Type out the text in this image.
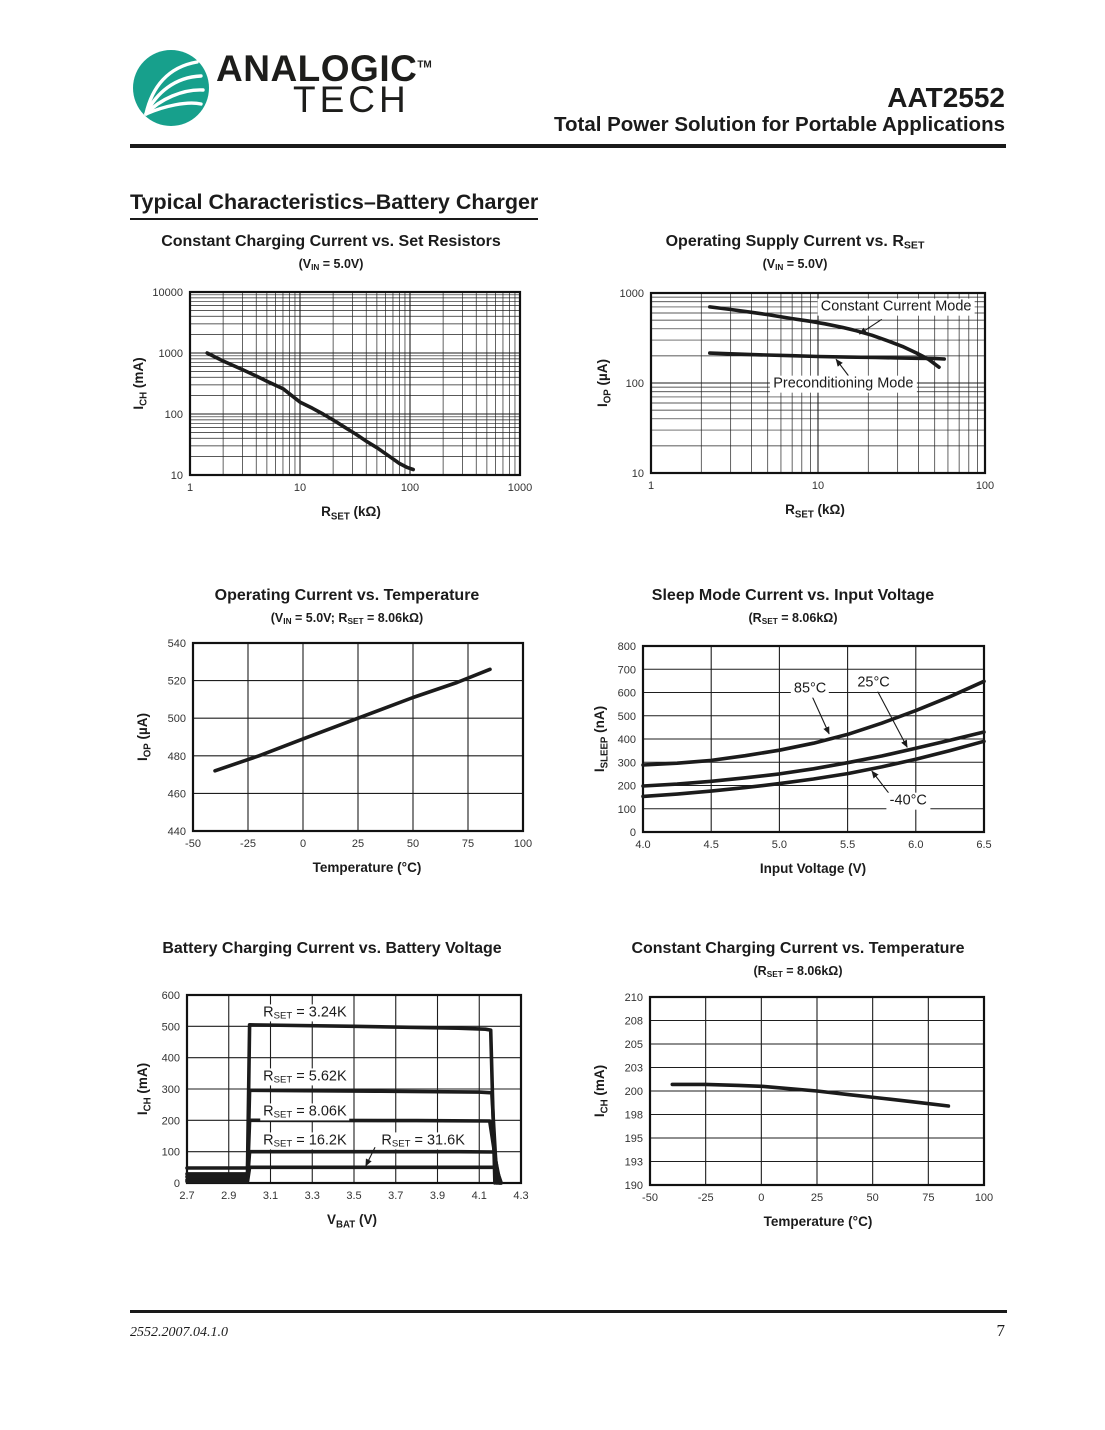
ANALOGIC™
TECH	AAT2552
Total Power Solution for Portable Applications
Typical Characteristics–Battery Charger
1	10	100	1000
10
100
1000
10000
$R_{SET}$ (kΩ)
$I_{CH}$ (mA)
1	10	100
10
100
1000
$R_{SET}$ (kΩ)
$I_{OP}$ (µA)
-50	-25	0	25	50	75	100
440
460
480
500
520
540
Temperature (°C)
$I_{OP}$ (µA)
4.0	4.5	5.0	5.5	6.0	6.5
0
100
200
300
400
500
600
700
800
Input Voltage (V)
$I_{SLEEP}$ (nA)
2.7 2.9 3.1 3.3 3.5 3.7 3.9 4.1 4.3
0
100
200
300
400
500
600
$V_{BAT}$ (V)
$I_{CH}$ (mA)
-50	-25	0	25	50	75	100
210
208
205
203
200
198
195
193
190
Temperature (°C)
$I_{CH}$ (mA)
Constant Charging Current vs. Set Resistors
(VIN = 5.0V)
Operating Supply Current vs. RSET
(VIN = 5.0V)
Constant Current Mode
Preconditioning Mode
Operating Current vs. Temperature
(VIN = 5.0V; RSET = 8.06kΩ)
Sleep Mode Current vs. Input Voltage
(RSET = 8.06kΩ)
85°C 25°C
-40°C
Battery Charging Current vs. Battery Voltage
RSET = 3.24K
RSET = 5.62K
RSET = 8.06K
RSET = 16.2K RSET = 31.6K
Constant Charging Current vs. Temperature
(RSET = 8.06kΩ)
2552.2007.04.1.0	7
